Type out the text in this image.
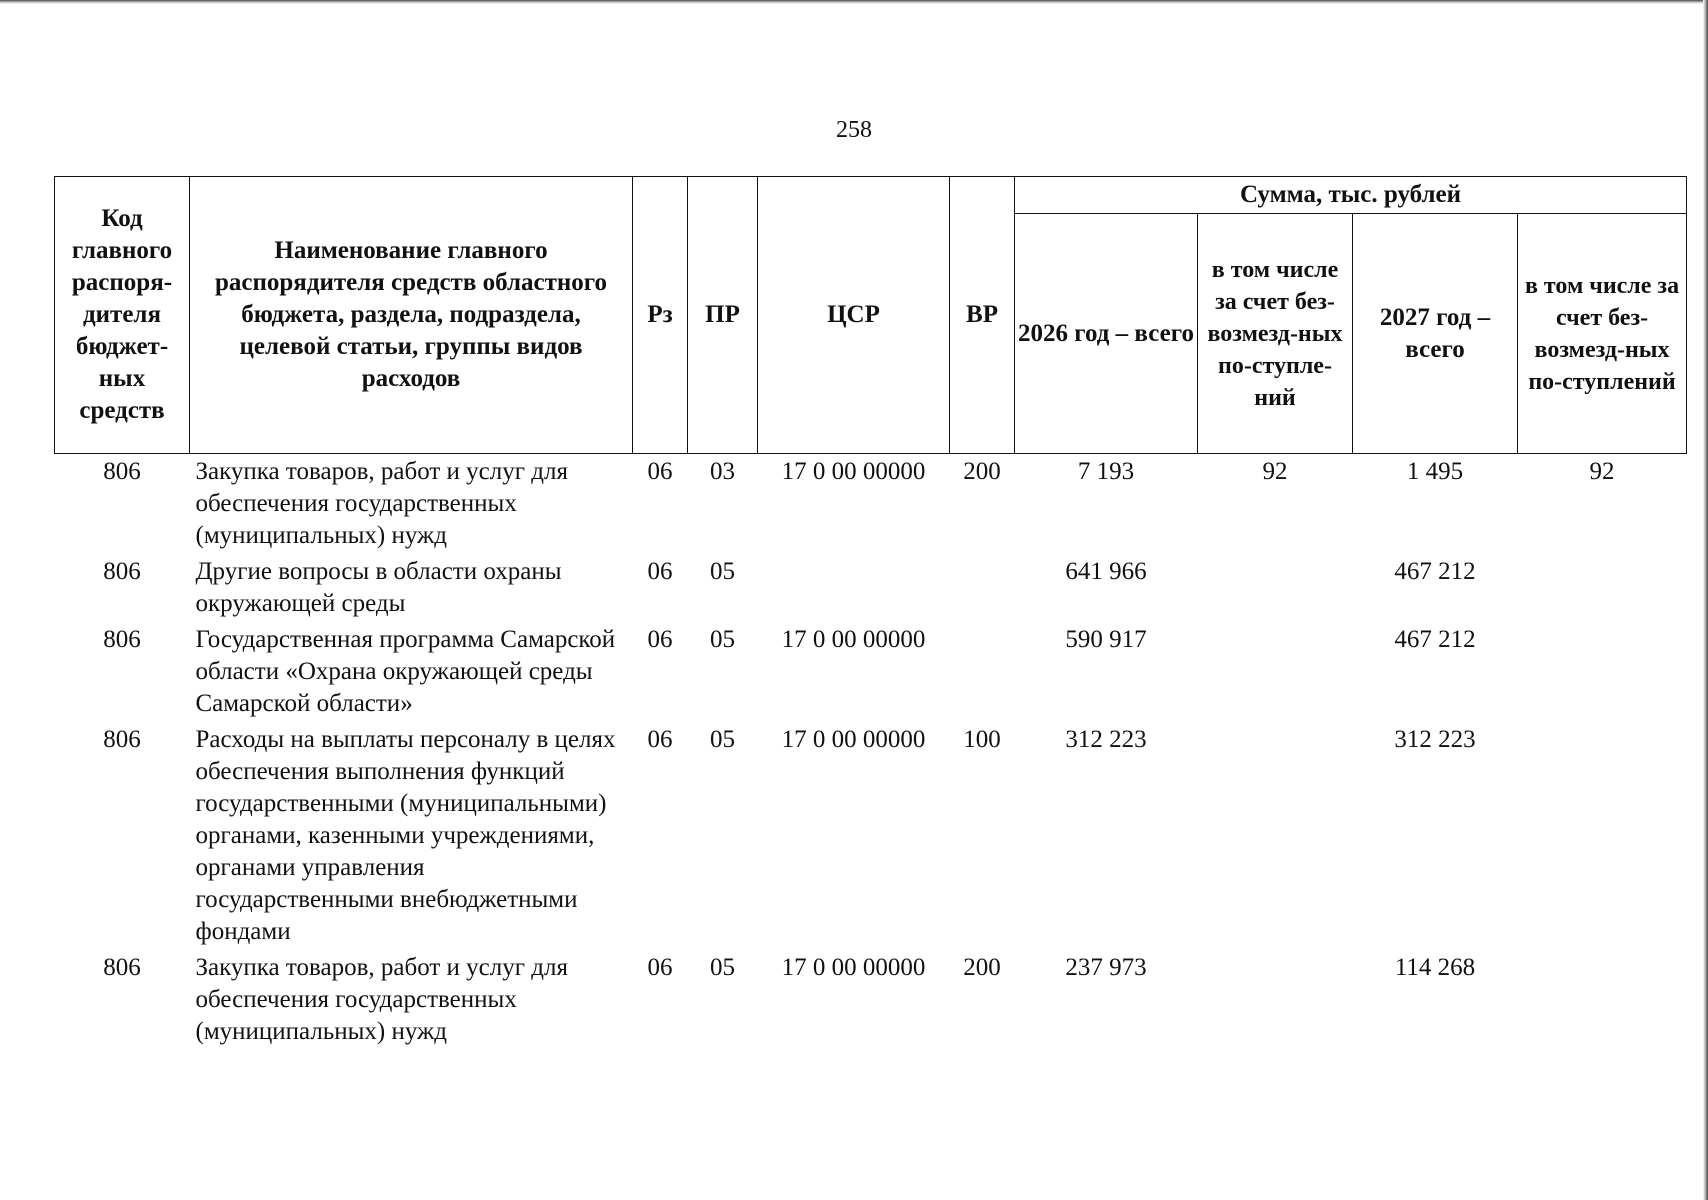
258
Код главного распоря-дителя бюджет-ных средств	Наименование главного распорядителя средств областного бюджета, раздела, подраздела, целевой статьи, группы видов расходов	Рз	ПР	ЦСР	ВР	Сумма, тыс. рублей			
						2026 год – всего	в том числе за счет без-возмезд-ных по-ступле-ний	2027 год – всего	в том числе за счет без-возмезд-ных по-ступлений
806	Закупка товаров, работ и услуг для обеспечения государственных (муниципальных) нужд	06	03	17 0 00 00000	200	7 193	92	1 495	92
806	Другие вопросы в области охраны окружающей среды	06	05			641 966		467 212	
806	Государственная программа Самарской области «Охрана окружающей среды Самарской области»	06	05	17 0 00 00000		590 917		467 212	
806	Расходы на выплаты персоналу в целях обеспечения выполнения функций государственными (муниципальными) органами, казенными учреждениями, органами управления государственными внебюджетными фондами	06	05	17 0 00 00000	100	312 223		312 223	
806	Закупка товаров, работ и услуг для обеспечения государственных (муниципальных) нужд	06	05	17 0 00 00000	200	237 973		114 268	
